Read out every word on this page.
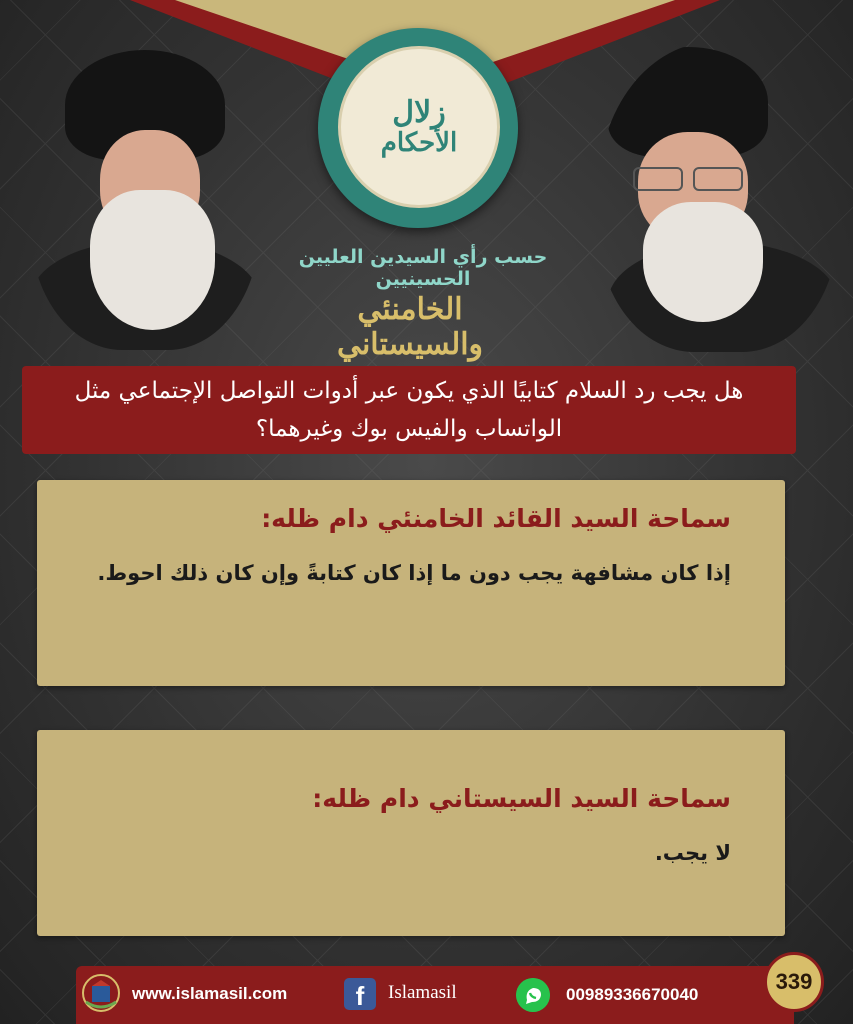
زلال
الأحكام
حسب رأي السيدين العليين الحسينيين
الخامنئي والسيستاني

هل يجب رد السلام كتابيًا الذي يكون عبر أدوات التواصل الإجتماعي مثل الواتساب والفيس بوك وغيرهما؟

سماحة السيد القائد الخامنئي دام ظله:
إذا كان مشافهة يجب دون ما إذا كان كتابةً وإن كان ذلك احوط.
سماحة السيد السيستاني دام ظله:
لا يجب.
www.islamasil.com	f	Islamasil	00989336670040
339
